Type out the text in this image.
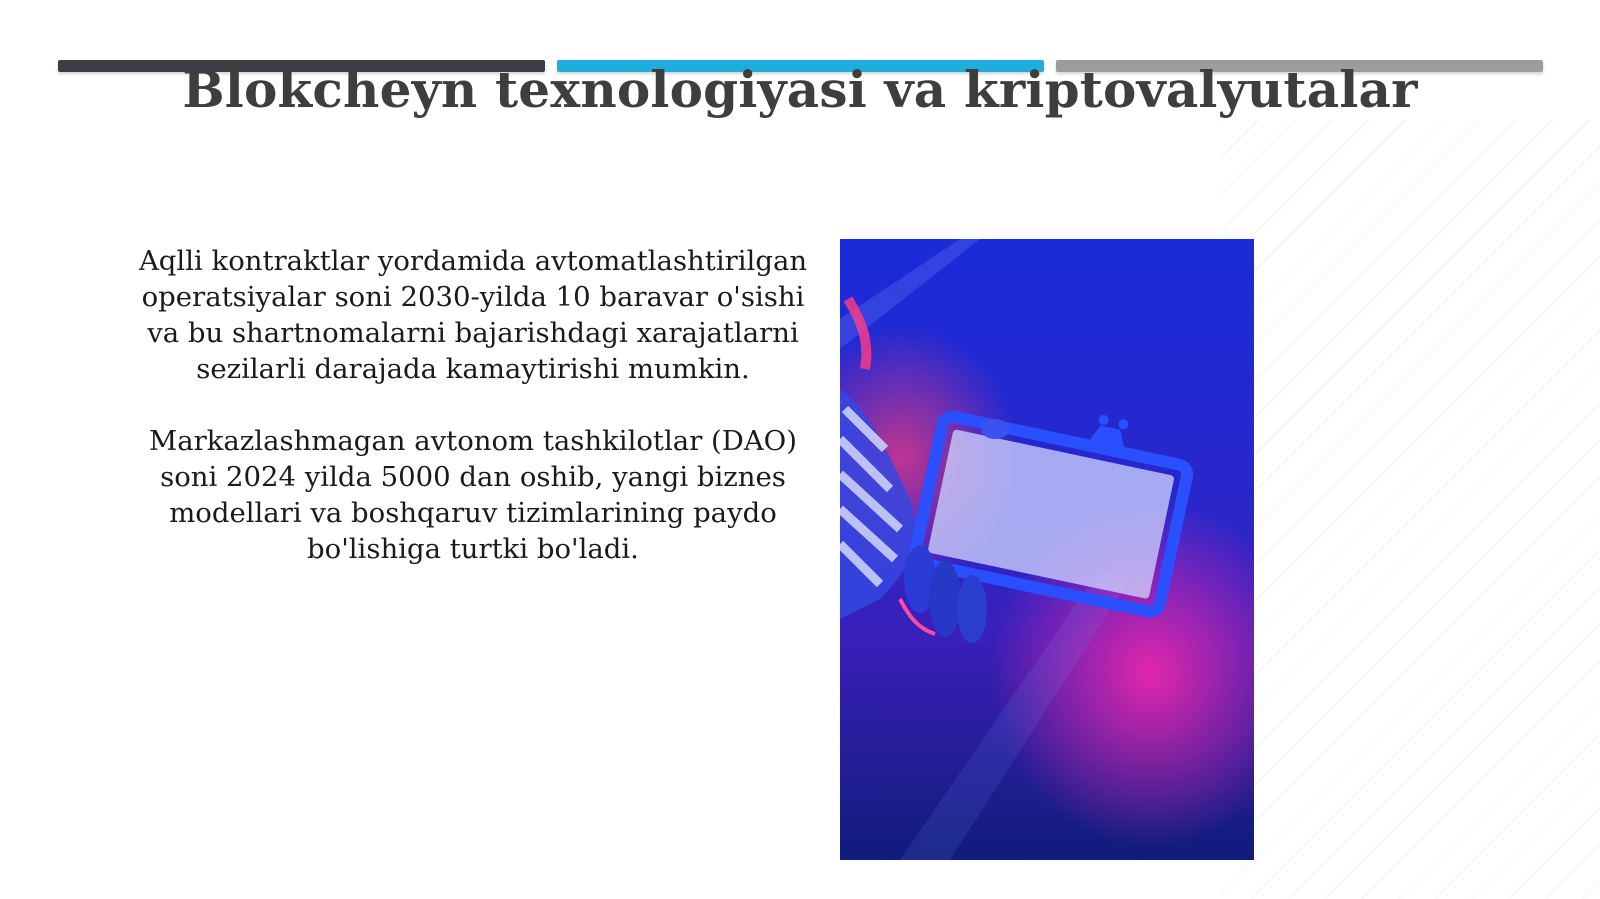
Blokcheyn texnologiyasi va kriptovalyutalar

Aqlli kontraktlar yordamida avtomatlashtirilgan
operatsiyalar soni 2030-yilda 10 baravar o'sishi
va bu shartnomalarni bajarishdagi xarajatlarni
sezilarli darajada kamaytirishi mumkin.

Markazlashmagan avtonom tashkilotlar (DAO)
soni 2024 yilda 5000 dan oshib, yangi biznes
modellari va boshqaruv tizimlarining paydo
bo'lishiga turtki bo'ladi.
